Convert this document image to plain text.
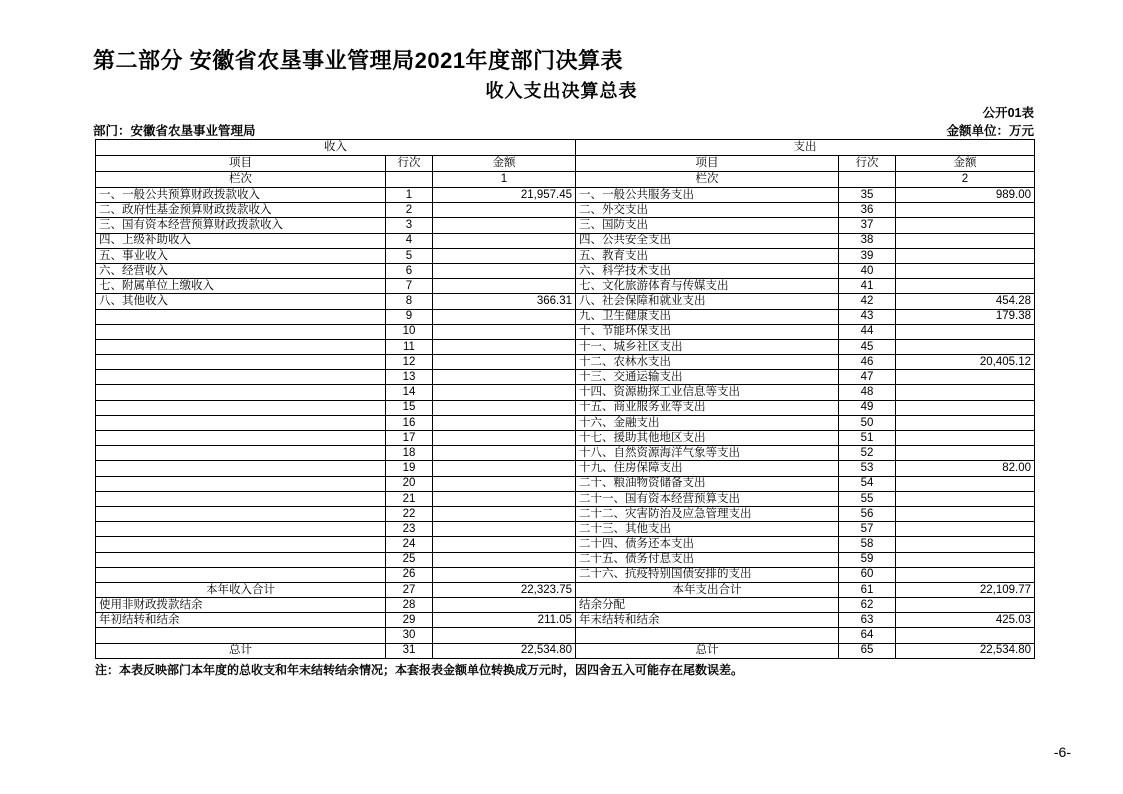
第二部分 安徽省农垦事业管理局2021年度部门决算表
收入支出决算总表
公开01表
部门：安徽省农垦事业管理局	金额单位：万元
收入			支出		
项目	行次	金额	项目	行次	金额
栏次		1	栏次		2
一、一般公共预算财政拨款收入	1	21,957.45	一、一般公共服务支出	35	989.00
二、政府性基金预算财政拨款收入	2		二、外交支出	36	
三、国有资本经营预算财政拨款收入	3		三、国防支出	37	
四、上级补助收入	4		四、公共安全支出	38	
五、事业收入	5		五、教育支出	39	
六、经营收入	6		六、科学技术支出	40	
七、附属单位上缴收入	7		七、文化旅游体育与传媒支出	41	
八、其他收入	8	366.31	八、社会保障和就业支出	42	454.28
	9		九、卫生健康支出	43	179.38
	10		十、节能环保支出	44	
	11		十一、城乡社区支出	45	
	12		十二、农林水支出	46	20,405.12
	13		十三、交通运输支出	47	
	14		十四、资源勘探工业信息等支出	48	
	15		十五、商业服务业等支出	49	
	16		十六、金融支出	50	
	17		十七、援助其他地区支出	51	
	18		十八、自然资源海洋气象等支出	52	
	19		十九、住房保障支出	53	82.00
	20		二十、粮油物资储备支出	54	
	21		二十一、国有资本经营预算支出	55	
	22		二十二、灾害防治及应急管理支出	56	
	23		二十三、其他支出	57	
	24		二十四、债务还本支出	58	
	25		二十五、债务付息支出	59	
	26		二十六、抗疫特别国债安排的支出	60	
本年收入合计	27	22,323.75	本年支出合计	61	22,109.77
使用非财政拨款结余	28		结余分配	62	
年初结转和结余	29	211.05	年末结转和结余	63	425.03
	30			64	
总计	31	22,534.80	总计	65	22,534.80
注：本表反映部门本年度的总收支和年末结转结余情况；本套报表金额单位转换成万元时，因四舍五入可能存在尾数误差。
-6-
